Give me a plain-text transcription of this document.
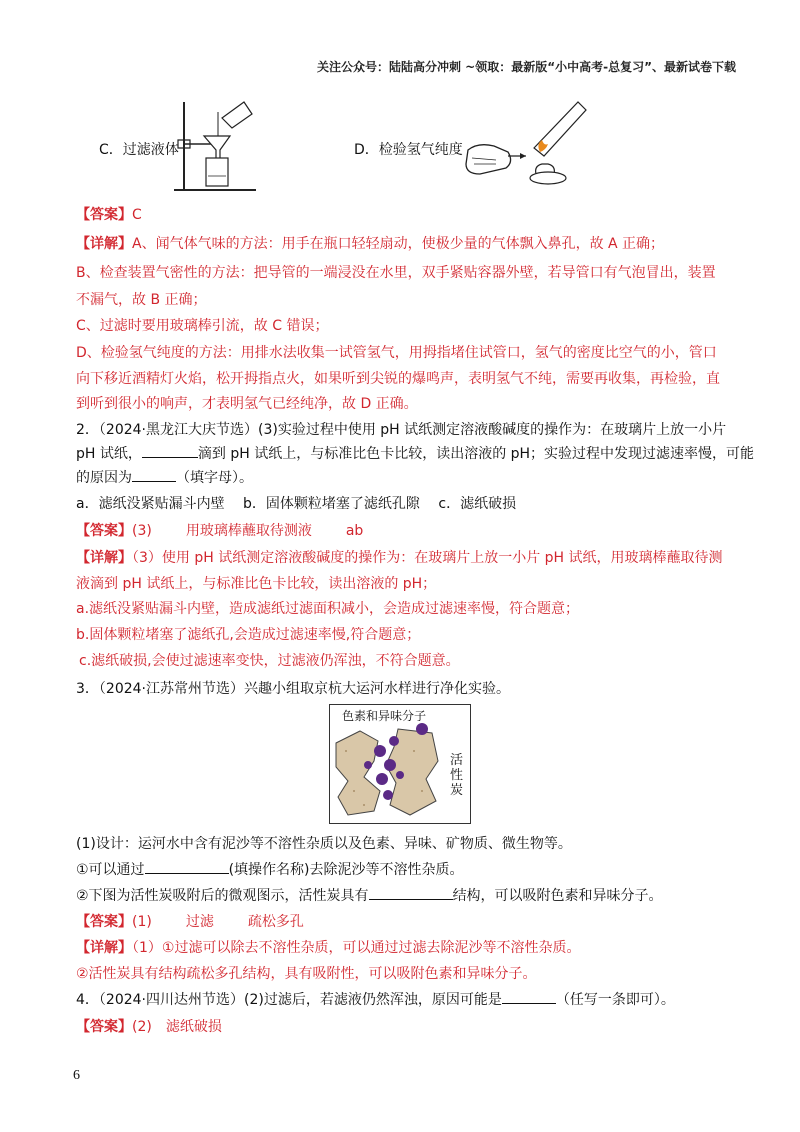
关注公众号：陆陆高分冲刺 ~领取：最新版“小中高考-总复习”、最新试卷下载
C．过滤液体	D．检验氢气纯度
【答案】C
【详解】A、闻气体气味的方法：用手在瓶口轻轻扇动，使极少量的气体飘入鼻孔，故 A 正确；
B、检查装置气密性的方法：把导管的一端浸没在水里，双手紧贴容器外壁，若导管口有气泡冒出，装置
不漏气，故 B 正确；
C、过滤时要用玻璃棒引流，故 C 错误；
D、检验氢气纯度的方法：用排水法收集一试管氢气，用拇指堵住试管口，氢气的密度比空气的小，管口
向下移近酒精灯火焰，松开拇指点火，如果听到尖锐的爆鸣声，表明氢气不纯，需要再收集，再检验，直
到听到很小的响声，才表明氢气已经纯净，故 D 正确。
2．（2024·黑龙江大庆节选）(3)实验过程中使用 pH 试纸测定溶液酸碱度的操作为：在玻璃片上放一小片
pH 试纸，	滴到 pH 试纸上，与标准比色卡比较，读出溶液的 pH；实验过程中发现过滤速率慢，可能
的原因为	（填字母）。
a．滤纸没紧贴漏斗内壁 b．固体颗粒堵塞了滤纸孔隙 c．滤纸破损
【答案】(3) 用玻璃棒蘸取待测液 ab
【详解】（3）使用 pH 试纸测定溶液酸碱度的操作为：在玻璃片上放一小片 pH 试纸，用玻璃棒蘸取待测
液滴到 pH 试纸上，与标准比色卡比较，读出溶液的 pH；
a.滤纸没紧贴漏斗内壁，造成滤纸过滤面积减小，会造成过滤速率慢，符合题意；
b.固体颗粒堵塞了滤纸孔,会造成过滤速率慢,符合题意；
c.滤纸破损,会使过滤速率变快，过滤液仍浑浊，不符合题意。
3．（2024·江苏常州节选）兴趣小组取京杭大运河水样进行净化实验。
色素和异味分子
活
性
炭
(1)设计：运河水中含有泥沙等不溶性杂质以及色素、异味、矿物质、微生物等。
①可以通过	(填操作名称)去除泥沙等不溶性杂质。
②下图为活性炭吸附后的微观图示，活性炭具有	结构，可以吸附色素和异味分子。
【答案】(1) 过滤 疏松多孔
【详解】（1）①过滤可以除去不溶性杂质，可以通过过滤去除泥沙等不溶性杂质。
②活性炭具有结构疏松多孔结构，具有吸附性，可以吸附色素和异味分子。
4．（2024·四川达州节选）(2)过滤后，若滤液仍然浑浊，原因可能是	（任写一条即可）。
【答案】(2) 滤纸破损
6
